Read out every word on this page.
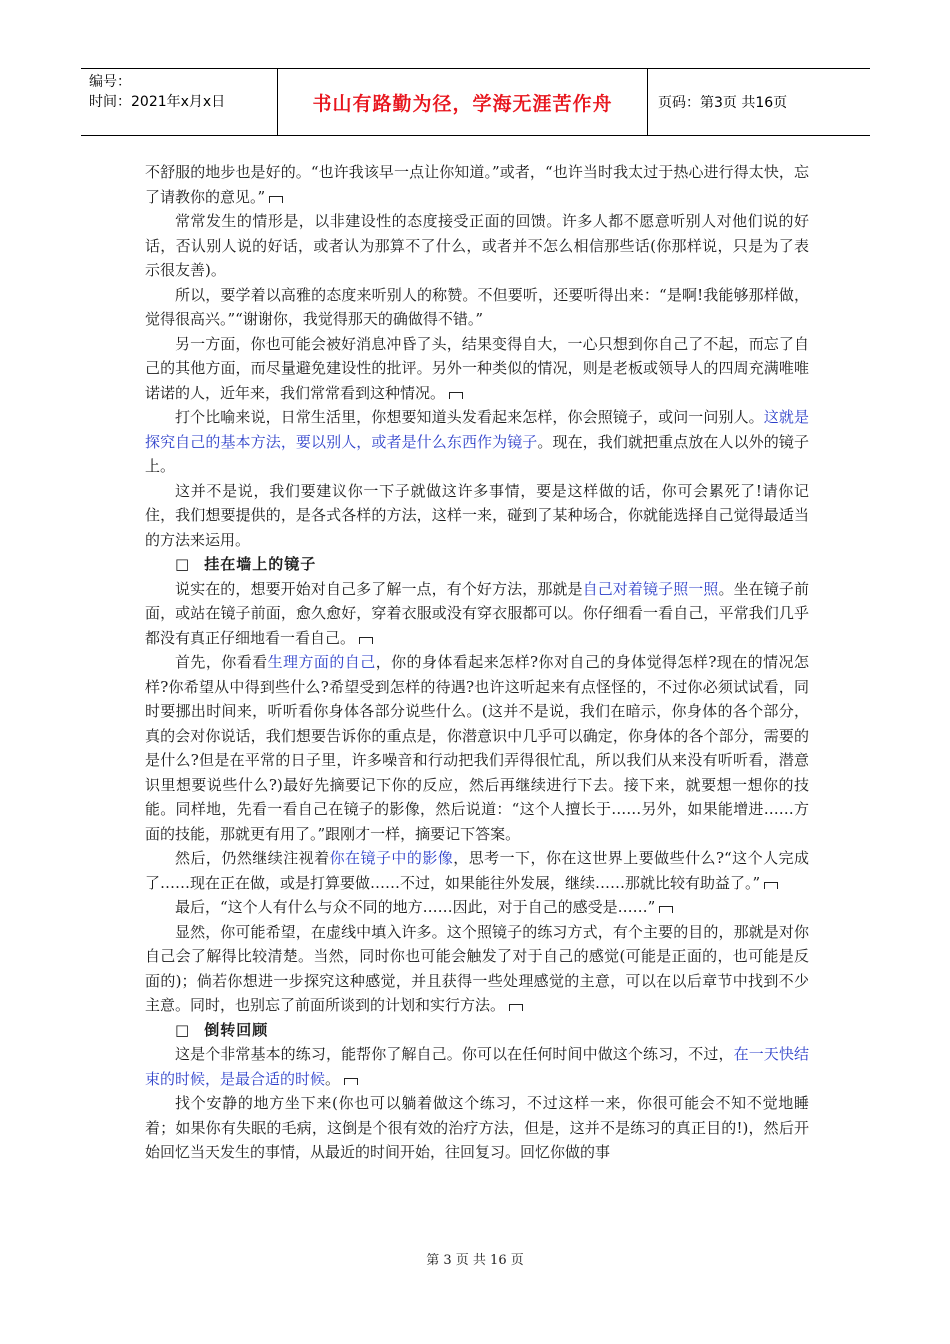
编号：
时间：2021年x月x日	书山有路勤为径，学海无涯苦作舟	页码：第3页 共16页

不舒服的地步也是好的。“也许我该早一点让你知道。”或者，“也许当时我太过于热心进行得太快，忘了请教你的意见。”

常常发生的情形是，以非建设性的态度接受正面的回馈。许多人都不愿意听别人对他们说的好话，否认别人说的好话，或者认为那算不了什么，或者并不怎么相信那些话(你那样说，只是为了表示很友善)。

所以，要学着以高雅的态度来听别人的称赞。不但要听，还要听得出来：“是啊!我能够那样做，觉得很高兴。”“谢谢你，我觉得那天的确做得不错。”

另一方面，你也可能会被好消息冲昏了头，结果变得自大，一心只想到你自己了不起，而忘了自己的其他方面，而尽量避免建设性的批评。另外一种类似的情况，则是老板或领导人的四周充满唯唯诺诺的人，近年来，我们常常看到这种情况。

打个比喻来说，日常生活里，你想要知道头发看起来怎样，你会照镜子，或问一问别人。这就是探究自己的基本方法，要以别人，或者是什么东西作为镜子。现在，我们就把重点放在人以外的镜子上。

这并不是说，我们要建议你一下子就做这许多事情，要是这样做的话，你可会累死了!请你记住，我们想要提供的，是各式各样的方法，这样一来，碰到了某种场合，你就能选择自己觉得最适当的方法来运用。

□ 挂在墙上的镜子

说实在的，想要开始对自己多了解一点，有个好方法，那就是自己对着镜子照一照。坐在镜子前面，或站在镜子前面，愈久愈好，穿着衣服或没有穿衣服都可以。你仔细看一看自己，平常我们几乎都没有真正仔细地看一看自己。

首先，你看看生理方面的自己，你的身体看起来怎样?你对自己的身体觉得怎样?现在的情况怎样?你希望从中得到些什么?希望受到怎样的待遇?也许这听起来有点怪怪的，不过你必须试试看，同时要挪出时间来，听听看你身体各部分说些什么。(这并不是说，我们在暗示，你身体的各个部分，真的会对你说话，我们想要告诉你的重点是，你潜意识中几乎可以确定，你身体的各个部分，需要的是什么?但是在平常的日子里，许多噪音和行动把我们弄得很忙乱，所以我们从来没有听听看，潜意识里想要说些什么?)最好先摘要记下你的反应，然后再继续进行下去。接下来，就要想一想你的技能。同样地，先看一看自己在镜子的影像，然后说道：“这个人擅长于……另外，如果能增进……方面的技能，那就更有用了。”跟刚才一样，摘要记下答案。

然后，仍然继续注视着你在镜子中的影像，思考一下，你在这世界上要做些什么?“这个人完成了……现在正在做，或是打算要做……不过，如果能往外发展，继续……那就比较有助益了。”

最后，“这个人有什么与众不同的地方……因此，对于自己的感受是……”

显然，你可能希望，在虚线中填入许多。这个照镜子的练习方式，有个主要的目的，那就是对你自己会了解得比较清楚。当然，同时你也可能会触发了对于自己的感觉(可能是正面的，也可能是反面的)；倘若你想进一步探究这种感觉，并且获得一些处理感觉的主意，可以在以后章节中找到不少主意。同时，也别忘了前面所谈到的计划和实行方法。

□ 倒转回顾

这是个非常基本的练习，能帮你了解自己。你可以在任何时间中做这个练习，不过，在一天快结束的时候，是最合适的时候。

找个安静的地方坐下来(你也可以躺着做这个练习，不过这样一来，你很可能会不知不觉地睡着；如果你有失眠的毛病，这倒是个很有效的治疗方法，但是，这并不是练习的真正目的!)，然后开始回忆当天发生的事情，从最近的时间开始，往回复习。回忆你做的事

第 3 页 共 16 页
